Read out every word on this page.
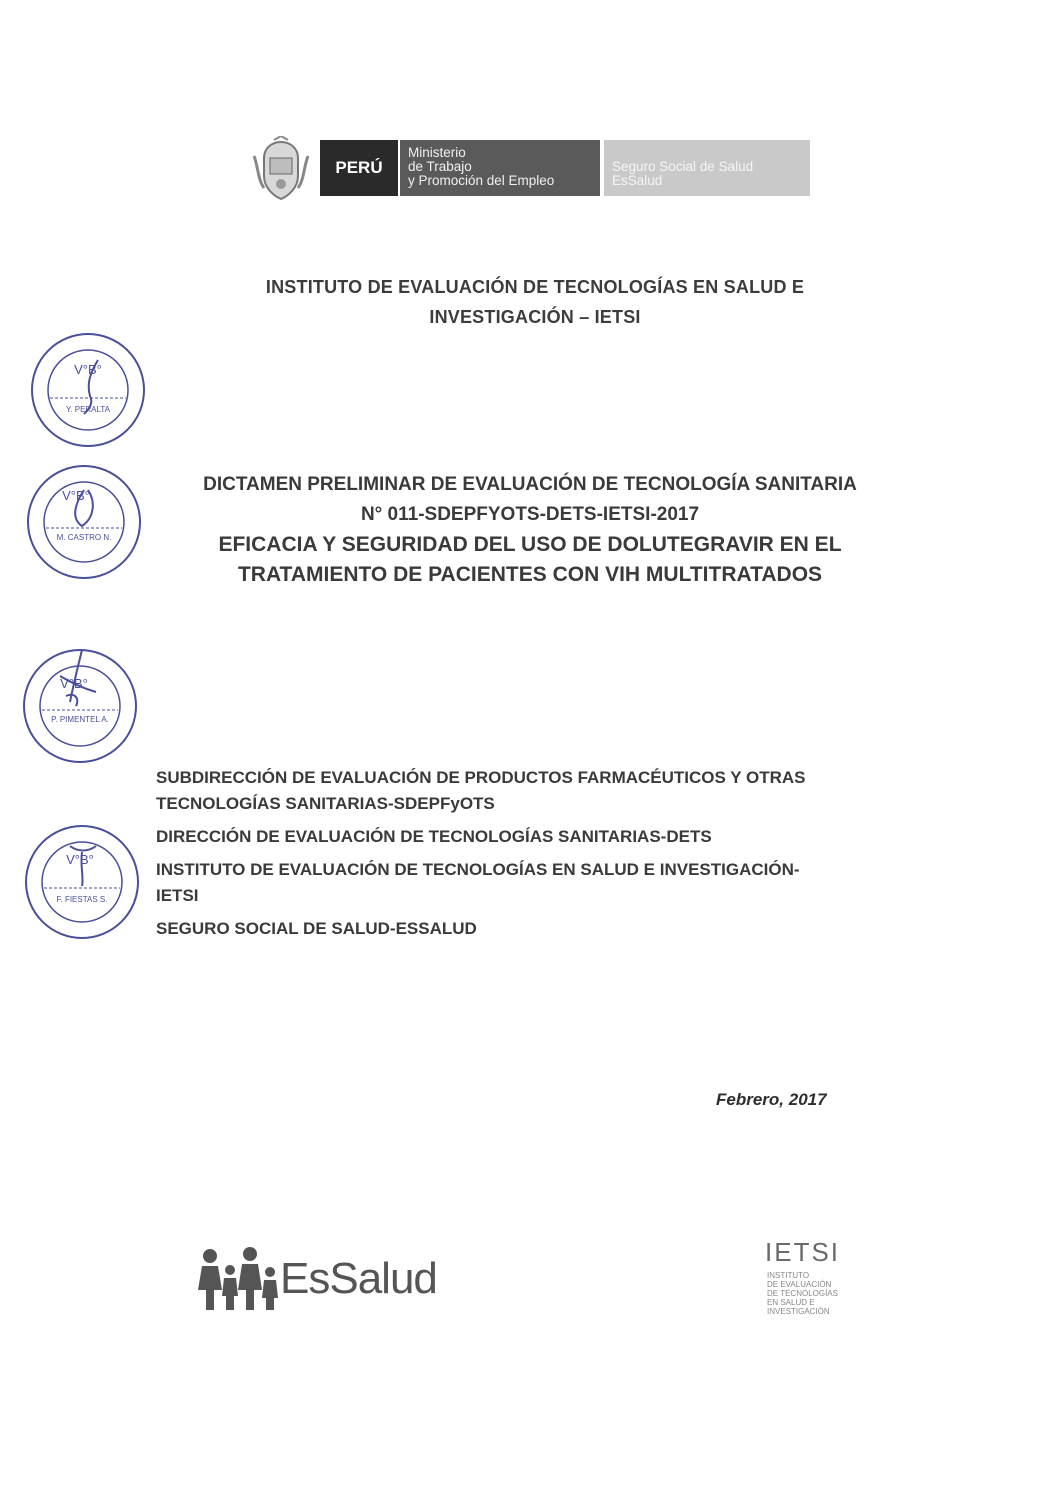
PERÚ
Ministerio
de Trabajo
y Promoción del Empleo
Seguro Social de Salud
EsSalud
INSTITUTO DE EVALUACIÓN DE TECNOLOGÍAS EN SALUD E
INVESTIGACIÓN – IETSI
V°B°
Y. PERALTA
V°B°
M. CASTRO N.
V°B°
P. PIMENTEL A.
V°B°
F. FIESTAS S.
DICTAMEN PRELIMINAR DE EVALUACIÓN DE TECNOLOGÍA SANITARIA
N° 011-SDEPFYOTS-DETS-IETSI-2017
EFICACIA Y SEGURIDAD DEL USO DE DOLUTEGRAVIR EN EL
TRATAMIENTO DE PACIENTES CON VIH MULTITRATADOS
SUBDIRECCIÓN DE EVALUACIÓN DE PRODUCTOS FARMACÉUTICOS Y OTRAS
TECNOLOGÍAS SANITARIAS-SDEPFyOTS
DIRECCIÓN DE EVALUACIÓN DE TECNOLOGÍAS SANITARIAS-DETS
INSTITUTO DE EVALUACIÓN DE TECNOLOGÍAS EN SALUD E INVESTIGACIÓN-
IETSI
SEGURO SOCIAL DE SALUD-ESSALUD
Febrero, 2017
EsSalud
IETSI
INSTITUTO
DE EVALUACIÓN
DE TECNOLOGÍAS
EN SALUD E
INVESTIGACIÓN
